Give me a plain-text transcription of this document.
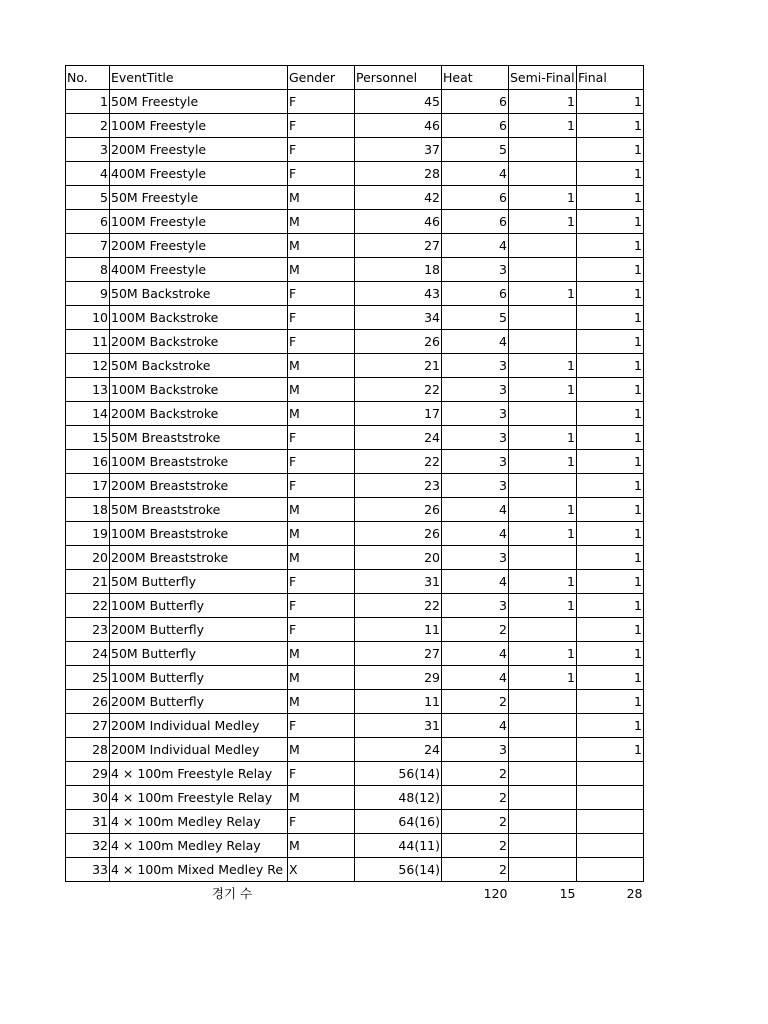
No.	EventTitle	Gender	Personnel	Heat	Semi-Final	Final
1	50M Freestyle	F	45	6	1	1
2	100M Freestyle	F	46	6	1	1
3	200M Freestyle	F	37	5		1
4	400M Freestyle	F	28	4		1
5	50M Freestyle	M	42	6	1	1
6	100M Freestyle	M	46	6	1	1
7	200M Freestyle	M	27	4		1
8	400M Freestyle	M	18	3		1
9	50M Backstroke	F	43	6	1	1
10	100M Backstroke	F	34	5		1
11	200M Backstroke	F	26	4		1
12	50M Backstroke	M	21	3	1	1
13	100M Backstroke	M	22	3	1	1
14	200M Backstroke	M	17	3		1
15	50M Breaststroke	F	24	3	1	1
16	100M Breaststroke	F	22	3	1	1
17	200M Breaststroke	F	23	3		1
18	50M Breaststroke	M	26	4	1	1
19	100M Breaststroke	M	26	4	1	1
20	200M Breaststroke	M	20	3		1
21	50M Butterfly	F	31	4	1	1
22	100M Butterfly	F	22	3	1	1
23	200M Butterfly	F	11	2		1
24	50M Butterfly	M	27	4	1	1
25	100M Butterfly	M	29	4	1	1
26	200M Butterfly	M	11	2		1
27	200M Individual Medley	F	31	4		1
28	200M Individual Medley	M	24	3		1
29	4 × 100m Freestyle Relay	F	56(14)	2		
30	4 × 100m Freestyle Relay	M	48(12)	2		
31	4 × 100m Medley Relay	F	64(16)	2		
32	4 × 100m Medley Relay	M	44(11)	2		
33	4 × 100m Mixed Medley Re	X	56(14)	2		
	경기 수			120	15	28
